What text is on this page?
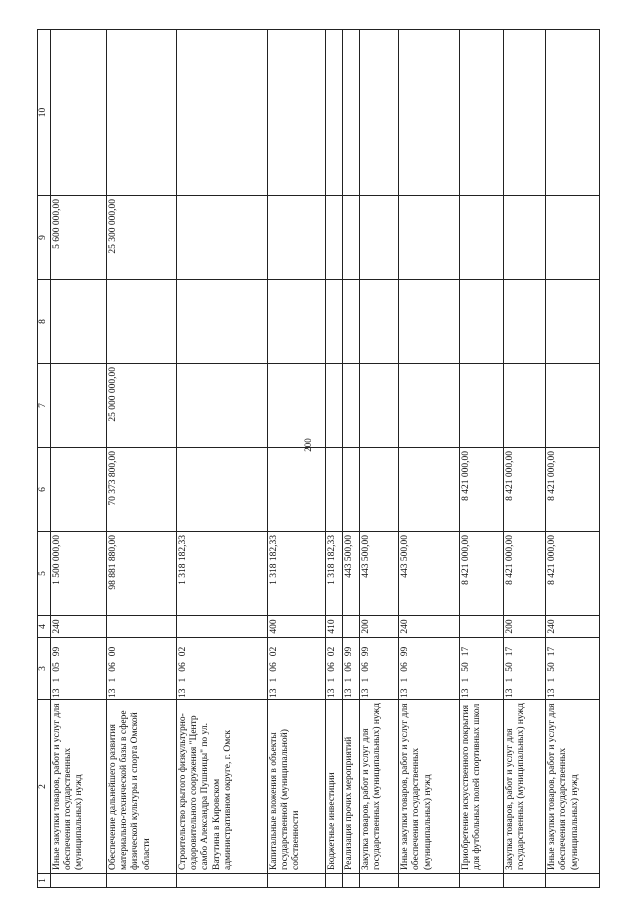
200
1	2	3	4	5	6	7	8	9	10
	Иные закупки товаров, работ и услуг для обеспечения государственных (муниципальных) нужд	1310599	240	1 500 000,00				5 600 000,00	
	Обеспечение дальнейшего развития материально-технической базы в сфере физической культуры и спорта Омской области	1310600		98 881 880,00	70 373 800,00	25 000 000,00		25 300 000,00	
	Строительство крытого физкультурно-оздоровительного сооружения "Центр самбо Александра Пушницы" по ул. Ватутина в Кировском административном округе, г. Омск	1310602		1 318 182,33					
	Капитальные вложения в объекты государственной (муниципальной) собственности	1310602	400	1 318 182,33					
	Бюджетные инвестиции	1310602	410	1 318 182,33					
	Реализация прочих мероприятий	1310699		443 500,00					
	Закупка товаров, работ и услуг для государственных (муниципальных) нужд	1310699	200	443 500,00					
	Иные закупки товаров, работ и услуг для обеспечения государственных (муниципальных) нужд	1310699	240	443 500,00					
	Приобретение искусственного покрытия для футбольных полей спортивных школ	1315017		8 421 000,00	8 421 000,00				
	Закупка товаров, работ и услуг для государственных (муниципальных) нужд	1315017	200	8 421 000,00	8 421 000,00				
	Иные закупки товаров, работ и услуг для обеспечения государственных (муниципальных) нужд	1315017	240	8 421 000,00	8 421 000,00				
